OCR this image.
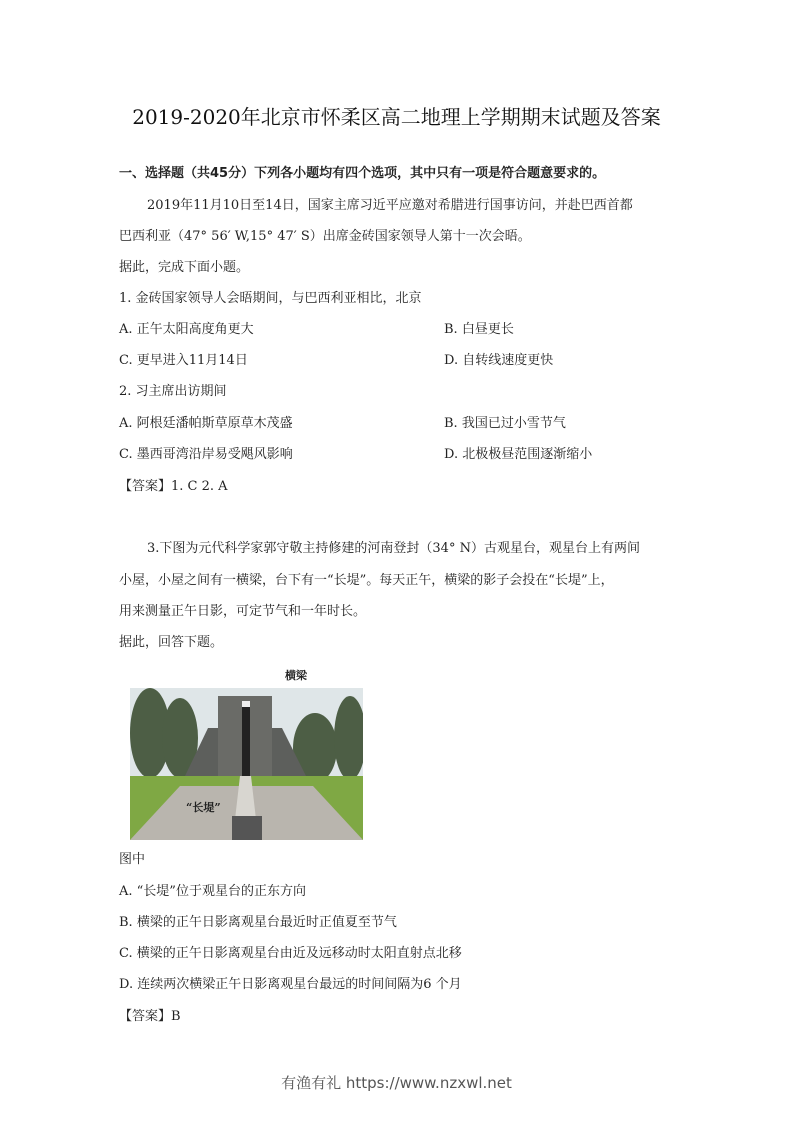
2019-2020年北京市怀柔区高二地理上学期期末试题及答案
一、选择题（共45分）下列各小题均有四个选项，其中只有一项是符合题意要求的。
2019年11月10日至14日，国家主席习近平应邀对希腊进行国事访问，并赴巴西首都
巴西利亚（47° 56′ W,15° 47′ S）出席金砖国家领导人第十一次会晤。
据此，完成下面小题。
1. 金砖国家领导人会晤期间，与巴西利亚相比，北京
A. 正午太阳高度角更大	B. 白昼更长
C. 更早进入11月14日	D. 自转线速度更快
2. 习主席出访期间
A. 阿根廷潘帕斯草原草木茂盛	B. 我国已过小雪节气
C. 墨西哥湾沿岸易受飓风影响	D. 北极极昼范围逐渐缩小
【答案】1. C 2. A
3.下图为元代科学家郭守敬主持修建的河南登封（34° N）古观星台，观星台上有两间
小屋，小屋之间有一横梁，台下有一“长堤”。每天正午，横梁的影子会投在“长堤”上，
用来测量正午日影，可定节气和一年时长。
据此，回答下题。
横梁
“长堤”
图中
A. “长堤”位于观星台的正东方向
B. 横梁的正午日影离观星台最近时正值夏至节气
C. 横梁的正午日影离观星台由近及远移动时太阳直射点北移
D. 连续两次横梁正午日影离观星台最远的时间间隔为6 个月
【答案】B
有渔有礼 https://www.nzxwl.net
